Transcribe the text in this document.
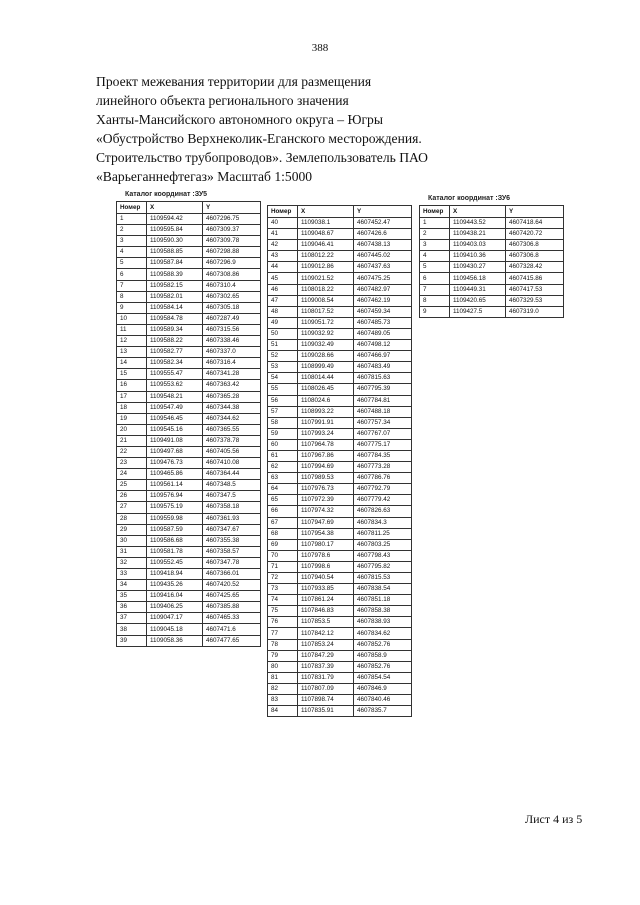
388
Проект межевания территории для размещения
линейного объекта регионального значения
Ханты-Мансийского автономного округа – Югры
«Обустройство Верхнеколик-Еганского месторождения.
Строительство трубопроводов». Землепользователь ПАО
«Варьеганнефтегаз» Масштаб 1:5000
Каталог координат :ЗУ5
Номер	X	Y
1	1109594.42	4607296.75
2	1109595.84	4607309.37
3	1109590.30	4607309.78
4	1109588.85	4607298.88
5	1109587.84	4607296.9
6	1109588.39	4607308.86
7	1109582.15	4607310.4
8	1109582.01	4607302.65
9	1109584.14	4607305.18
10	1109584.78	4607287.49
11	1109589.34	4607315.56
12	1109588.22	4607338.46
13	1109582.77	4607337.0
14	1109582.34	4607316.4
15	1109555.47	4607341.28
16	1109553.62	4607363.42
17	1109548.21	4607365.28
18	1109547.49	4607344.38
19	1109546.45	4607344.62
20	1109545.16	4607365.55
21	1109491.08	4607378.78
22	1109497.68	4607405.56
23	1109476.73	4607410.08
24	1109465.86	4607364.44
25	1109561.14	4607348.5
26	1109576.94	4607347.5
27	1109575.19	4607358.18
28	1109559.98	4607361.93
29	1109587.59	4607347.67
30	1109586.68	4607355.38
31	1109581.78	4607358.57
32	1109552.45	4607347.78
33	1109418.94	4607366.01
34	1109435.26	4607420.52
35	1109416.04	4607425.65
36	1109406.25	4607385.88
37	1109047.17	4607465.33
38	1109045.18	4607471.6
39	1109058.36	4607477.65
Номер	X	Y
40	1109038.1	4607452.47
41	1109048.67	4607426.6
42	1109046.41	4607438.13
43	1108012.22	4607445.02
44	1109012.86	4607437.63
45	1109021.52	4607475.25
46	1108018.22	4607482.97
47	1109008.54	4607462.19
48	1108017.52	4607459.34
49	1109051.72	4607485.73
50	1109032.92	4607489.05
51	1109032.49	4607498.12
52	1109028.66	4607466.97
53	1108999.49	4607483.49
54	1108014.44	4607815.63
55	1108026.45	4607795.39
56	1108024.6	4607784.81
57	1108993.22	4607488.18
58	1107991.91	4607757.34
59	1107993.24	4607767.07
60	1107964.78	4607775.17
61	1107967.86	4607784.35
62	1107994.69	4607773.28
63	1107989.53	4607786.76
64	1107976.73	4607792.79
65	1107972.39	4607779.42
66	1107974.32	4607826.63
67	1107947.69	4607834.3
68	1107954.38	4607811.25
69	1107980.17	4607803.25
70	1107978.6	4607798.43
71	1107998.6	4607795.82
72	1107940.54	4607815.53
73	1107933.85	4607838.54
74	1107861.24	4607851.18
75	1107846.83	4607858.38
76	1107853.5	4607838.93
77	1107842.12	4607834.62
78	1107853.24	4607852.76
79	1107847.29	4607858.9
80	1107837.39	4607852.76
81	1107831.79	4607854.54
82	1107807.09	4607846.9
83	1107898.74	4607840.46
84	1107835.91	4607835.7
Каталог координат :ЗУ6
Номер	X	Y
1	1109443.52	4607418.64
2	1109438.21	4607420.72
3	1109403.03	4607306.8
4	1109410.36	4607306.8
5	1109430.27	4607328.42
6	1109456.18	4607415.86
7	1109449.31	4607417.53
8	1109420.65	4607329.53
9	1109427.5	4607319.0
Лист 4 из 5
